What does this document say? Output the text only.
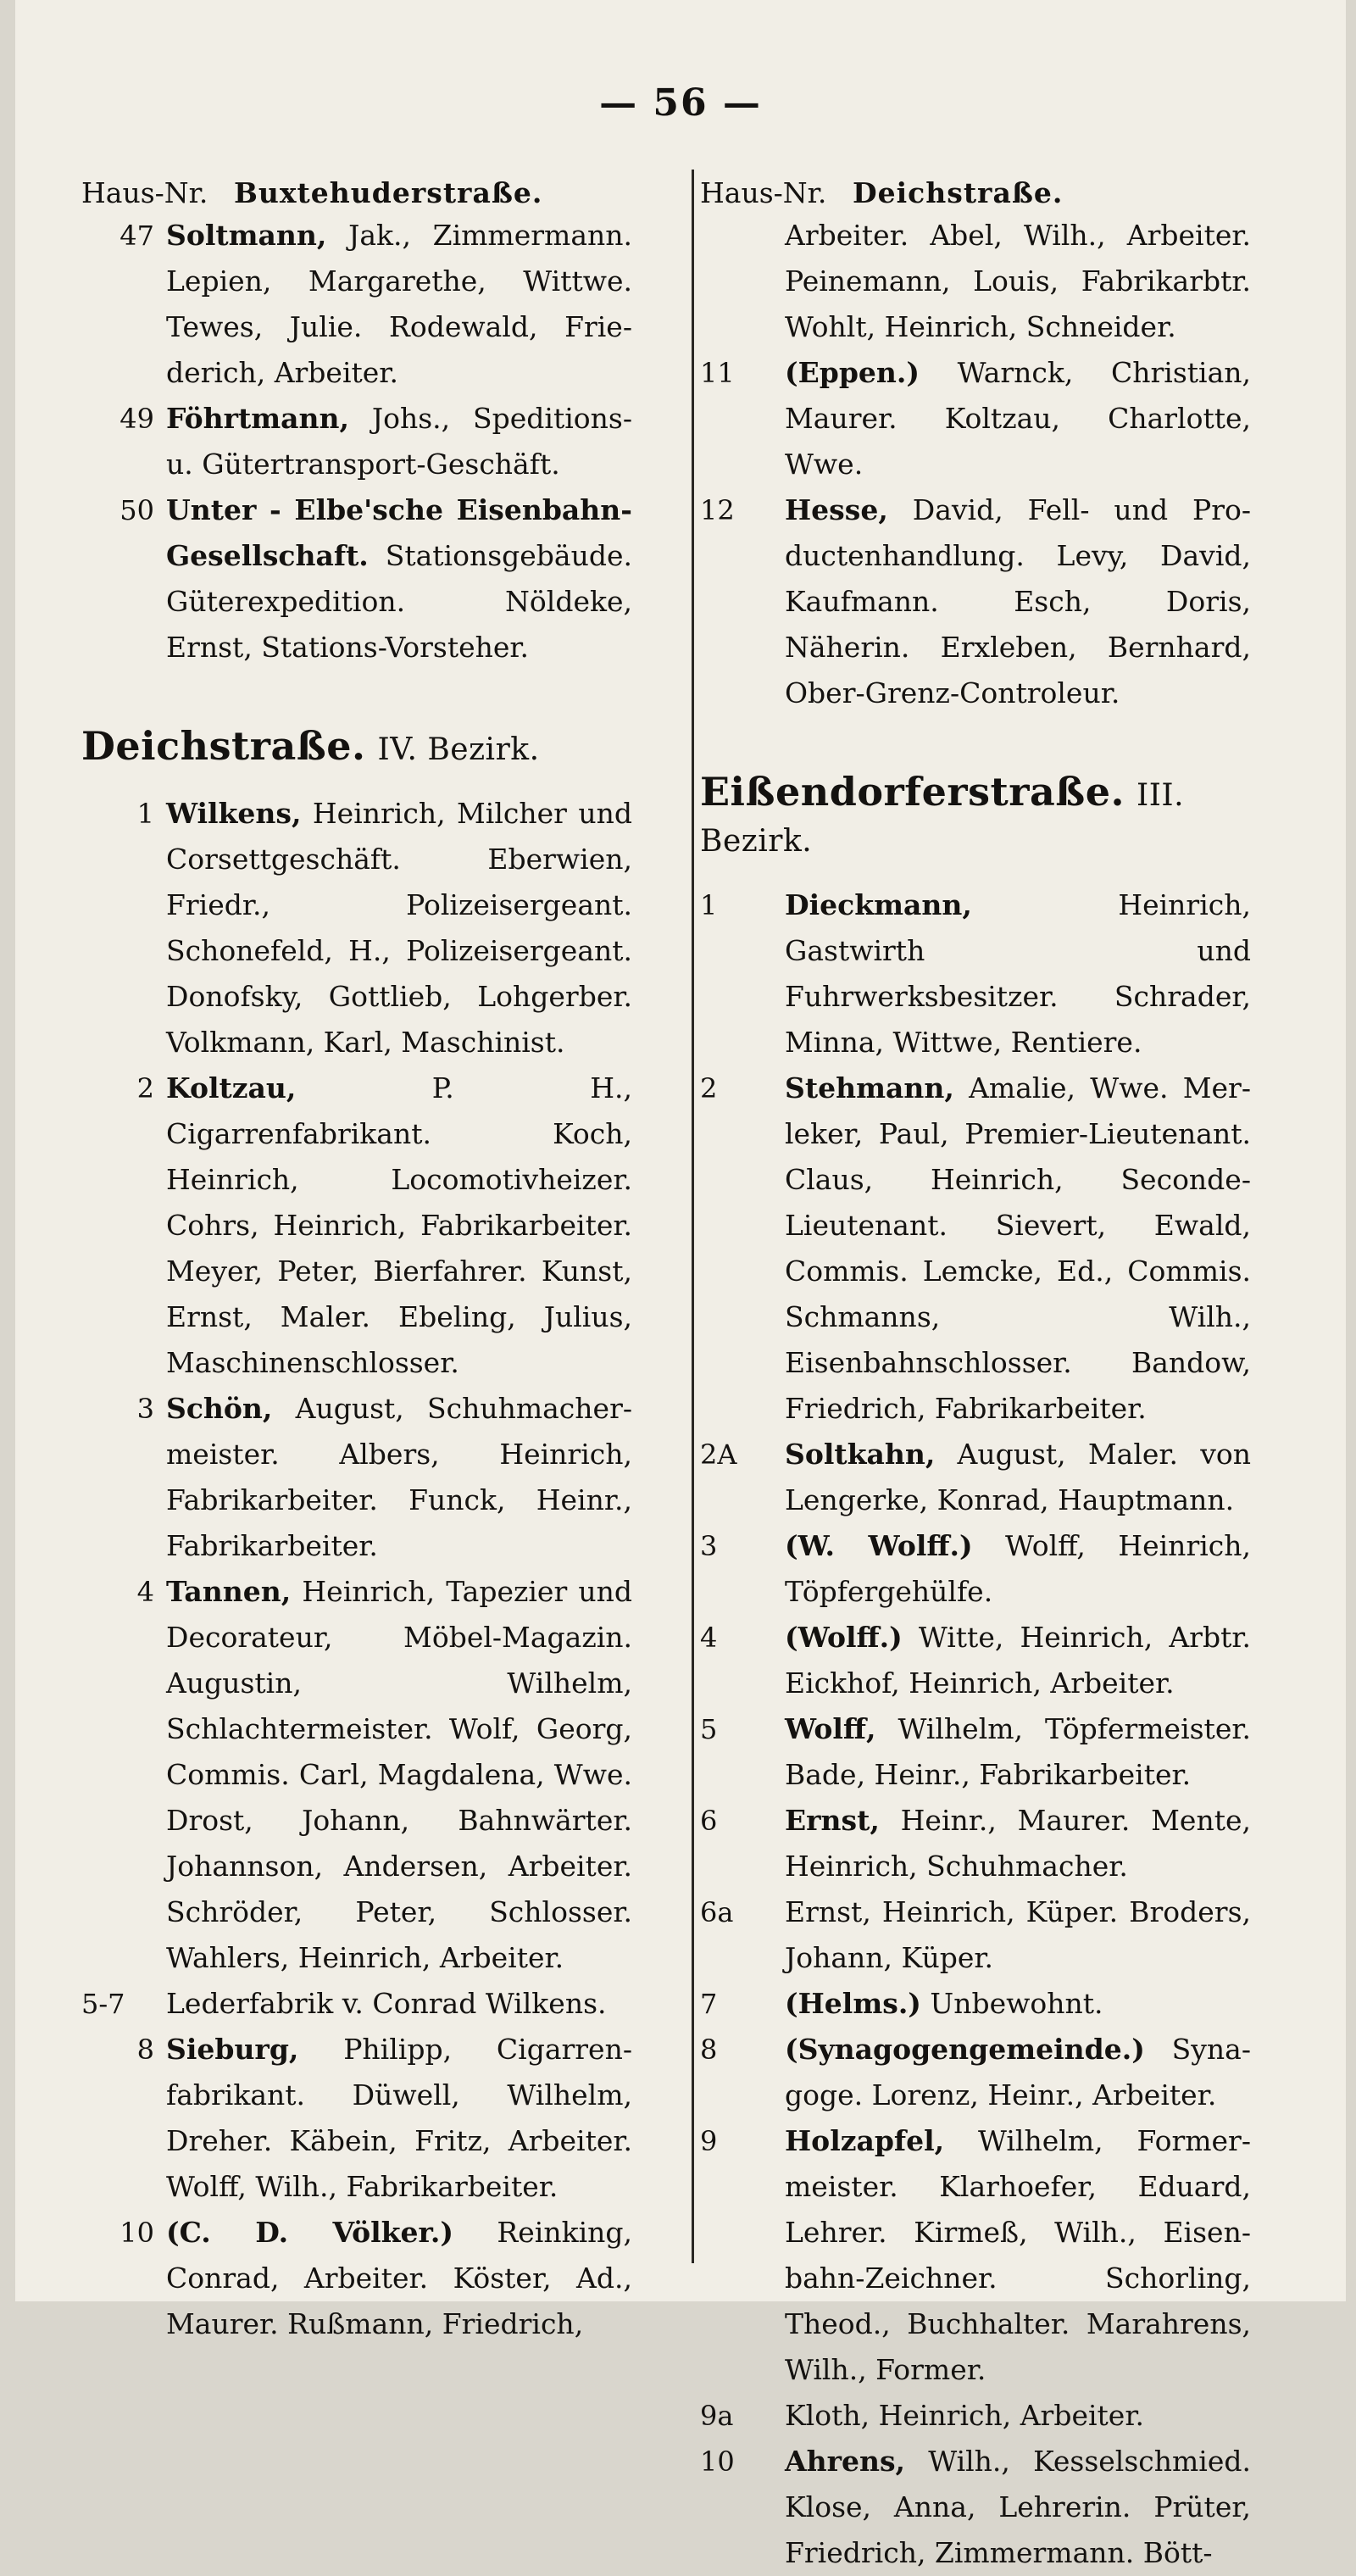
— 56 —
Haus-Nr. Buxtehuderstraße.
47 Soltmann, Jak., Zimmermann. Lepien, Margarethe, Wittwe. Tewes, Julie. Rodewald, Friederich, Arbeiter.
49 Föhrtmann, Johs., Speditions- u. Gütertransport-Geschäft.
50 Unter - Elbe'sche Eisenbahn-Gesellschaft. Stationsgebäude. Güterexpedition. Nöldeke, Ernst, Stations-Vorsteher.
Deichstraße. IV. Bezirk.
1 Wilkens, Heinrich, Milcher und Corsettgeschäft. Eberwien, Friedr., Polizeisergeant. Schonefeld, H., Polizeisergeant. Donofsky, Gottlieb, Lohgerber. Volkmann, Karl, Maschinist.
2 Koltzau, P. H., Cigarrenfabrikant. Koch, Heinrich, Locomotivheizer. Cohrs, Heinrich, Fabrikarbeiter. Meyer, Peter, Bierfahrer. Kunst, Ernst, Maler. Ebeling, Julius, Maschinenschlosser.
3 Schön, August, Schuhmachermeister. Albers, Heinrich, Fabrikarbeiter. Funck, Heinr., Fabrikarbeiter.
4 Tannen, Heinrich, Tapezier und Decorateur, Möbel-Magazin. Augustin, Wilhelm, Schlachtermeister. Wolf, Georg, Commis. Carl, Magdalena, Wwe. Drost, Johann, Bahnwärter. Johannson, Andersen, Arbeiter. Schröder, Peter, Schlosser. Wahlers, Heinrich, Arbeiter.
5-7	Lederfabrik v. Conrad Wilkens.
8 Sieburg, Philipp, Cigarrenfabrikant. Düwell, Wilhelm, Dreher. Käbein, Fritz, Arbeiter. Wolff, Wilh., Fabrikarbeiter.
10 (C. D. Völker.) Reinking, Conrad, Arbeiter. Köster, Ad., Maurer. Rußmann, Friedrich,
Haus-Nr. Deichstraße.
Arbeiter. Abel, Wilh., Arbeiter. Peinemann, Louis, Fabrikarbtr. Wohlt, Heinrich, Schneider.
11	(Eppen.) Warnck, Christian, Maurer. Koltzau, Charlotte, Wwe.
12	Hesse, David, Fell- und Productenhandlung. Levy, David, Kaufmann. Esch, Doris, Näherin. Erxleben, Bernhard, Ober-Grenz-Controleur.
Eißendorferstraße. III. Bezirk.
1	Dieckmann, Heinrich, Gastwirth und Fuhrwerksbesitzer. Schrader, Minna, Wittwe, Rentiere.
2	Stehmann, Amalie, Wwe. Merleker, Paul, Premier-Lieutenant. Claus, Heinrich, Seconde-Lieutenant. Sievert, Ewald, Commis. Lemcke, Ed., Commis. Schmanns, Wilh., Eisenbahnschlosser. Bandow, Friedrich, Fabrikarbeiter.
2A	Soltkahn, August, Maler. von Lengerke, Konrad, Hauptmann.
3	(W. Wolff.) Wolff, Heinrich, Töpfergehülfe.
4	(Wolff.) Witte, Heinrich, Arbtr. Eickhof, Heinrich, Arbeiter.
5	Wolff, Wilhelm, Töpfermeister. Bade, Heinr., Fabrikarbeiter.
6	Ernst, Heinr., Maurer. Mente, Heinrich, Schuhmacher.
6a	Ernst, Heinrich, Küper. Broders, Johann, Küper.
7	(Helms.) Unbewohnt.
8	(Synagogengemeinde.) Synagoge. Lorenz, Heinr., Arbeiter.
9	Holzapfel, Wilhelm, Formermeister. Klarhoefer, Eduard, Lehrer. Kirmeß, Wilh., Eisenbahn-Zeichner. Schorling, Theod., Buchhalter. Marahrens, Wilh., Former.
9a	Kloth, Heinrich, Arbeiter.
10	Ahrens, Wilh., Kesselschmied. Klose, Anna, Lehrerin. Prüter, Friedrich, Zimmermann. Bött-
